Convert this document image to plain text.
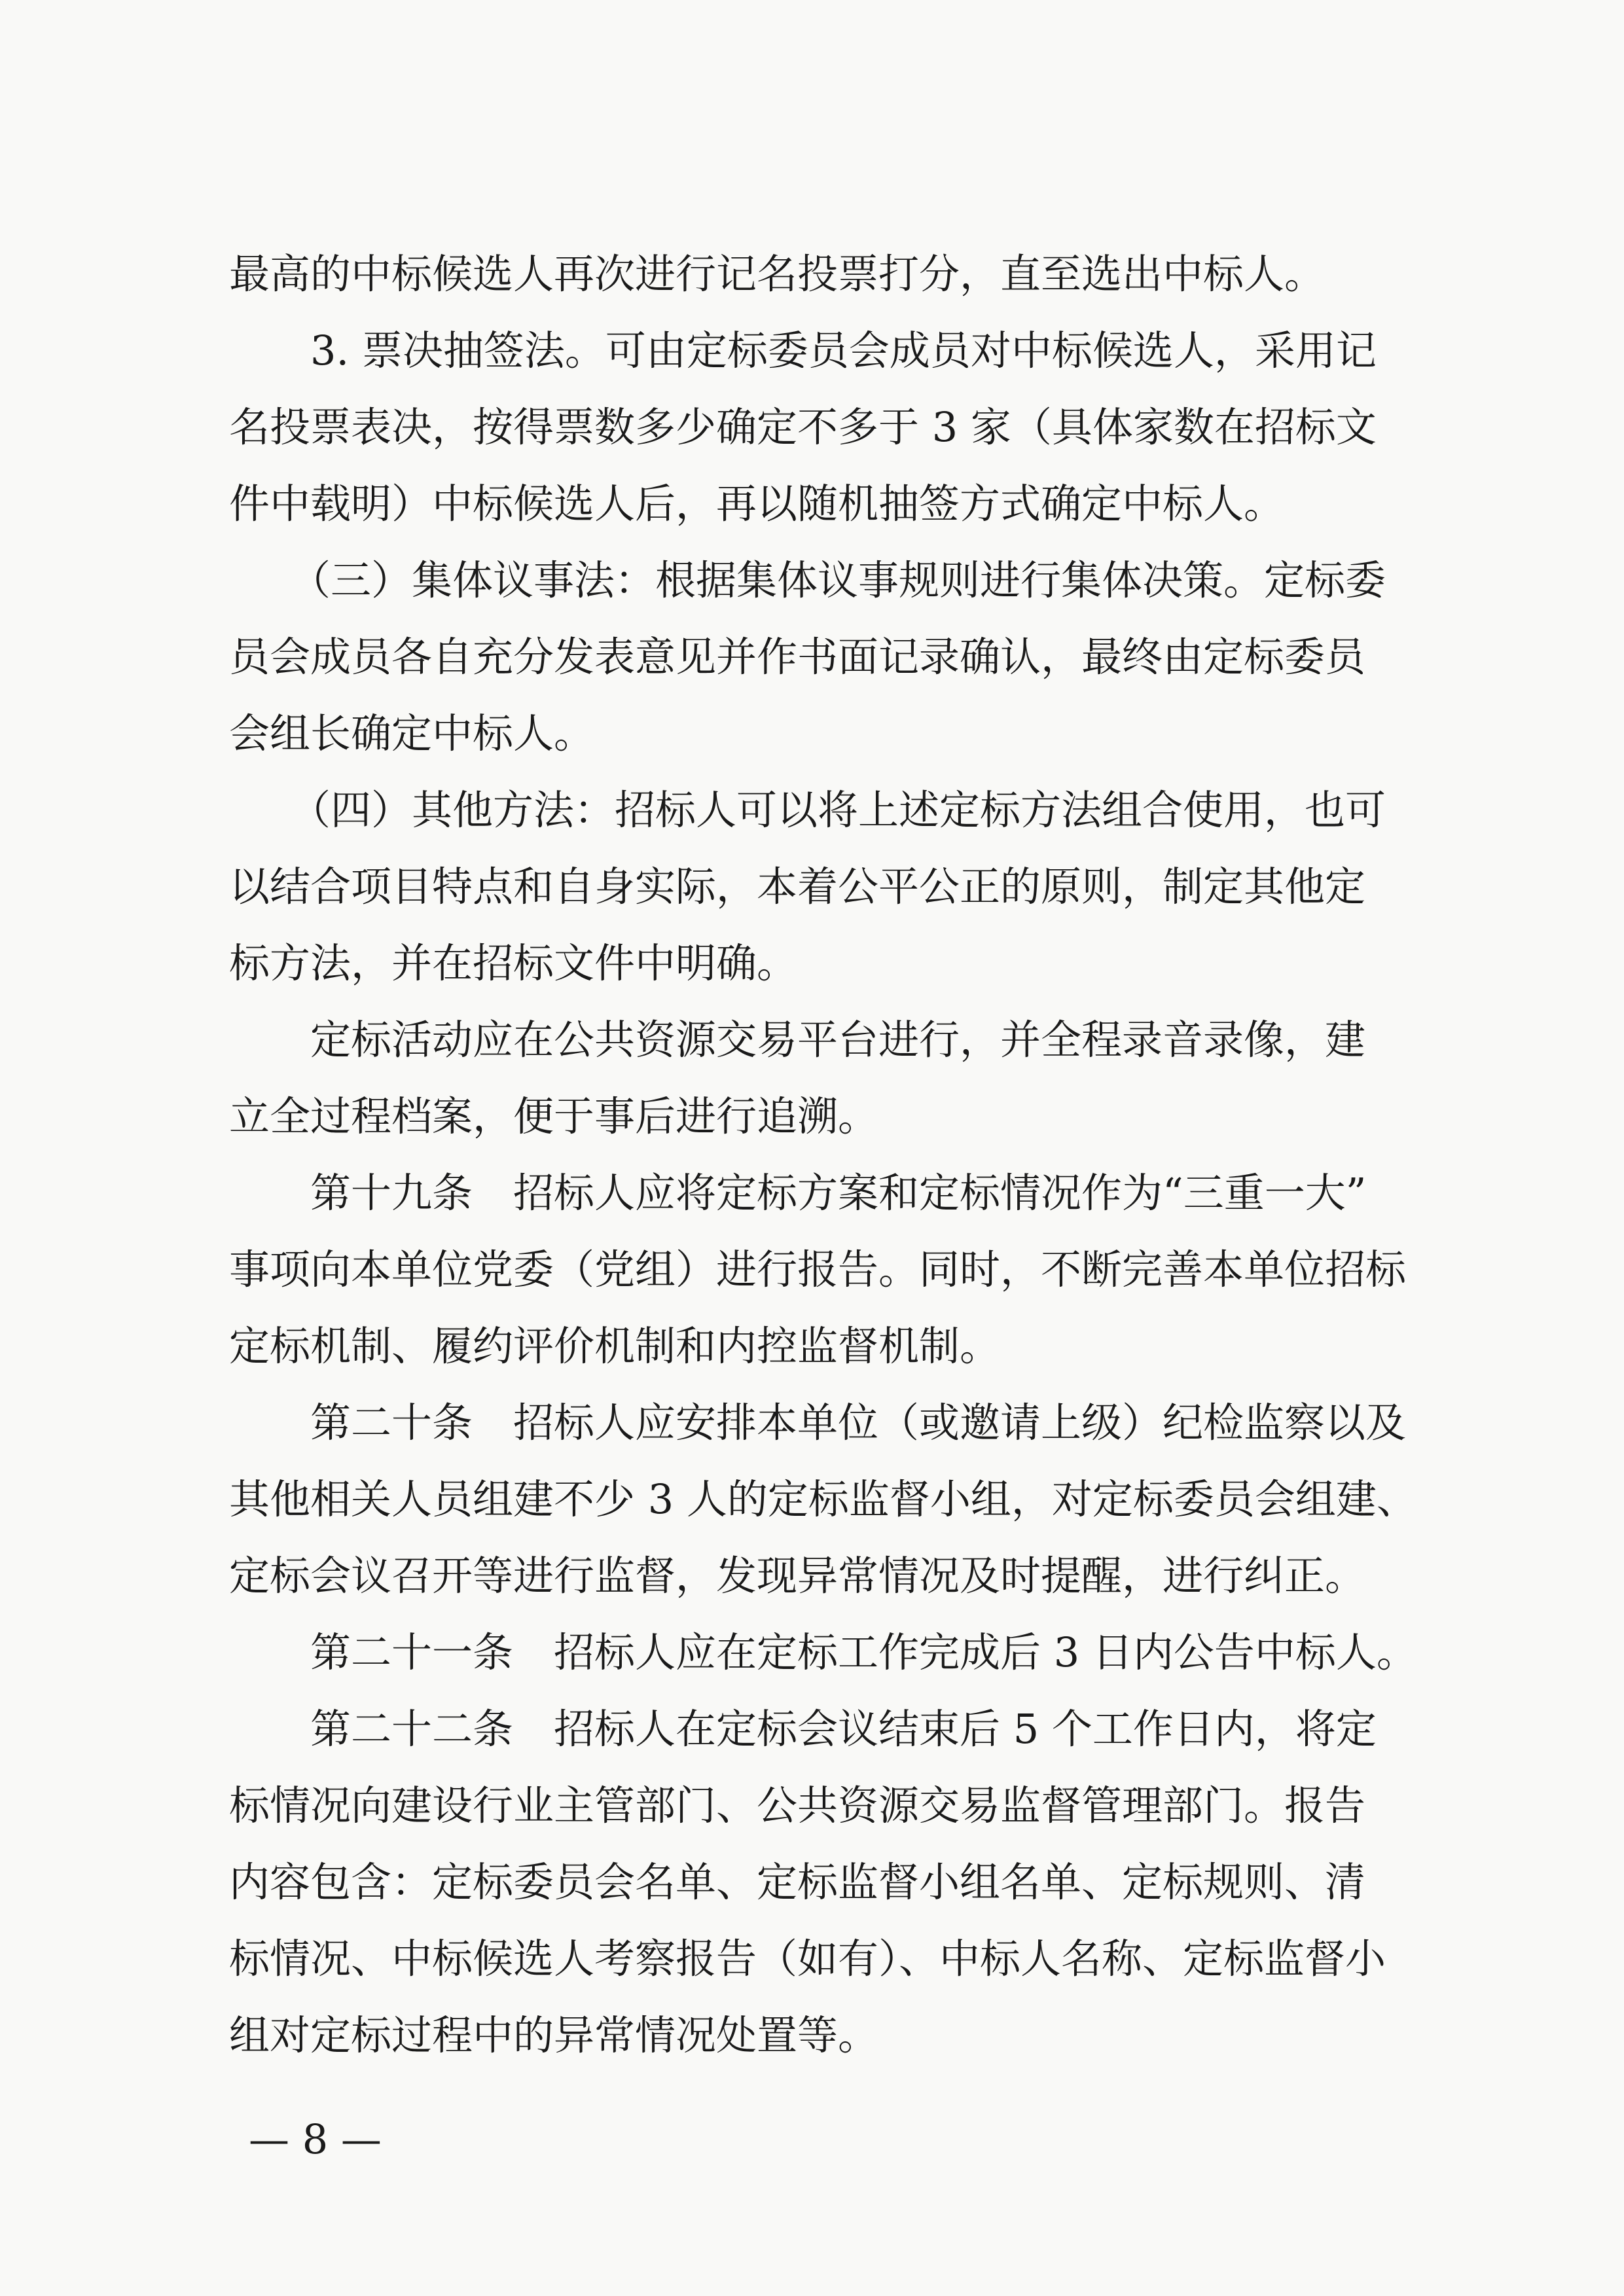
最高的中标候选人再次进行记名投票打分，直至选出中标人。
　　3. 票决抽签法。可由定标委员会成员对中标候选人，采用记
名投票表决，按得票数多少确定不多于 3 家（具体家数在招标文
件中载明）中标候选人后，再以随机抽签方式确定中标人。
　　（三）集体议事法：根据集体议事规则进行集体决策。定标委
员会成员各自充分发表意见并作书面记录确认，最终由定标委员
会组长确定中标人。
　　（四）其他方法：招标人可以将上述定标方法组合使用，也可
以结合项目特点和自身实际，本着公平公正的原则，制定其他定
标方法，并在招标文件中明确。
　　定标活动应在公共资源交易平台进行，并全程录音录像，建
立全过程档案，便于事后进行追溯。
　　第十九条　招标人应将定标方案和定标情况作为“三重一大”
事项向本单位党委（党组）进行报告。同时，不断完善本单位招标
定标机制、履约评价机制和内控监督机制。
　　第二十条　招标人应安排本单位（或邀请上级）纪检监察以及
其他相关人员组建不少 3 人的定标监督小组，对定标委员会组建、
定标会议召开等进行监督，发现异常情况及时提醒，进行纠正。
　　第二十一条　招标人应在定标工作完成后 3 日内公告中标人。
　　第二十二条　招标人在定标会议结束后 5 个工作日内，将定
标情况向建设行业主管部门、公共资源交易监督管理部门。报告
内容包含：定标委员会名单、定标监督小组名单、定标规则、清
标情况、中标候选人考察报告（如有）、中标人名称、定标监督小
组对定标过程中的异常情况处置等。
— 8 —
